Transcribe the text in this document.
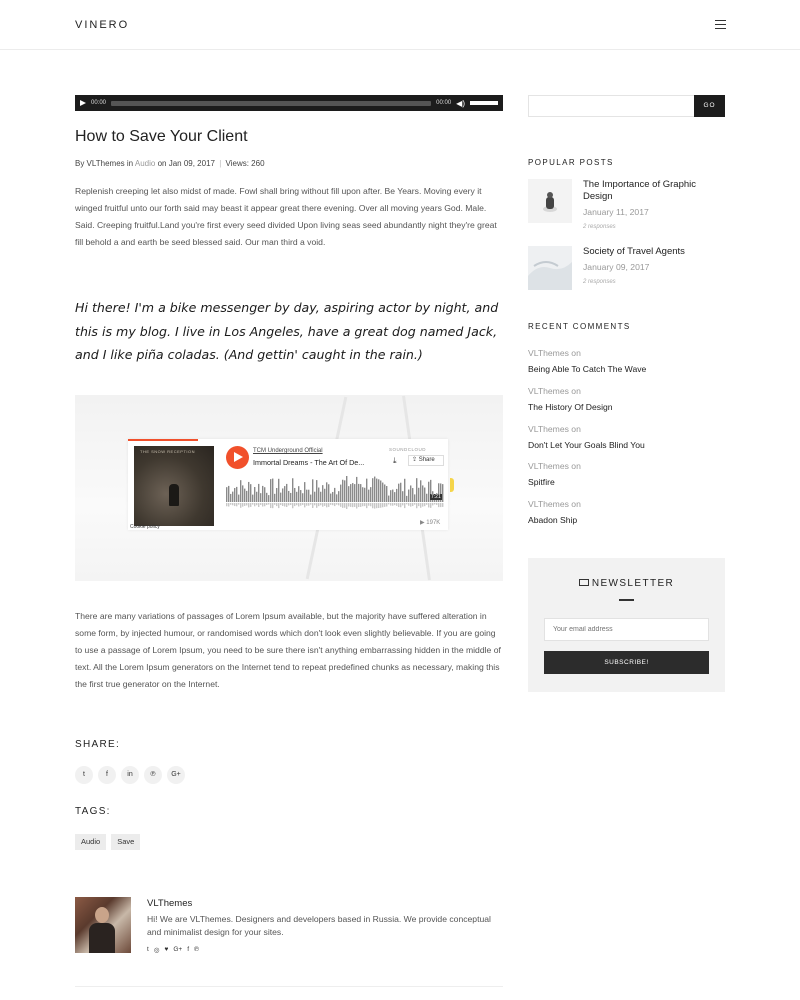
VINERO
00:00	00:00 ◀)
How to Save Your Client
By VLThemes in Audio on Jan 09, 2017 | Views: 260

Replenish creeping let also midst of made. Fowl shall bring without fill upon after. Be Years. Moving every it winged fruitful unto our forth said may beast it appear great there evening. Over all moving years God. Male. Said. Creeping fruitful.Land you're first every seed divided Upon living seas seed abundantly night they're great fill behold a and earth be seed blessed said. Our man third a void.

Hi there! I'm a bike messenger by day, aspiring actor by night, and this is my blog. I live in Los Angeles, have a great dog named Jack, and I like piña coladas. (And gettin' caught in the rain.)
THE SNOW RECEPTION	TCM Underground Official
Immortal Dreams - The Art Of De...
SOUNDCLOUD
⤓	⇪ Share
7:21
▶ 197K
Cookie policy

There are many variations of passages of Lorem Ipsum available, but the majority have suffered alteration in some form, by injected humour, or randomised words which don't look even slightly believable. If you are going to use a passage of Lorem Ipsum, you need to be sure there isn't anything embarrassing hidden in the middle of text. All the Lorem Ipsum generators on the Internet tend to repeat predefined chunks as necessary, making this the first true generator on the Internet.

SHARE:
t	f	in	℗	G+
TAGS:
Audio	Save
VLThemes
Hi! We are VLThemes. Designers and developers based in Russia. We provide conceptual and minimalist design for your sites.
t ◎ ♥ G+ f ℗
GO
POPULAR POSTS
The Importance of Graphic Design
January 11, 2017
2 responses
Society of Travel Agents
January 09, 2017
2 responses
RECENT COMMENTS
VLThemes on
Being Able To Catch The Wave
VLThemes on
The History Of Design
VLThemes on
Don't Let Your Goals Blind You
VLThemes on
Spitfire
VLThemes on
Abadon Ship
NEWSLETTER
Your email address
SUBSCRIBE!
